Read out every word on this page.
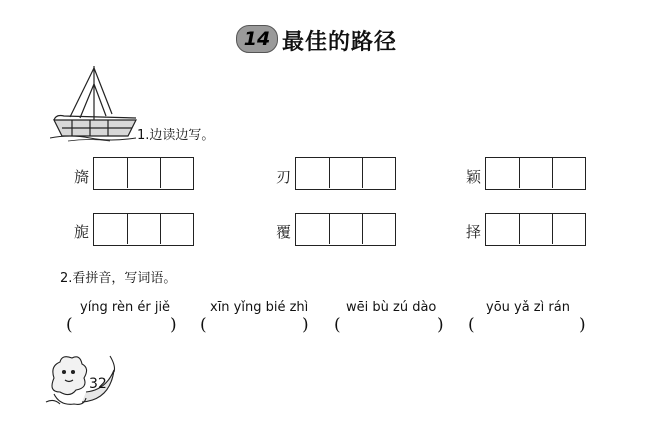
14 最佳的路径
1.边读边写。
旖	刃	颖
旎	覆	择
2.看拼音，写词语。
yíng rèn ér jiě
(	)
xīn yǐng bié zhì
(	)
wēi bù zú dào
(	)
yōu yǎ zì rán
(	)
32
